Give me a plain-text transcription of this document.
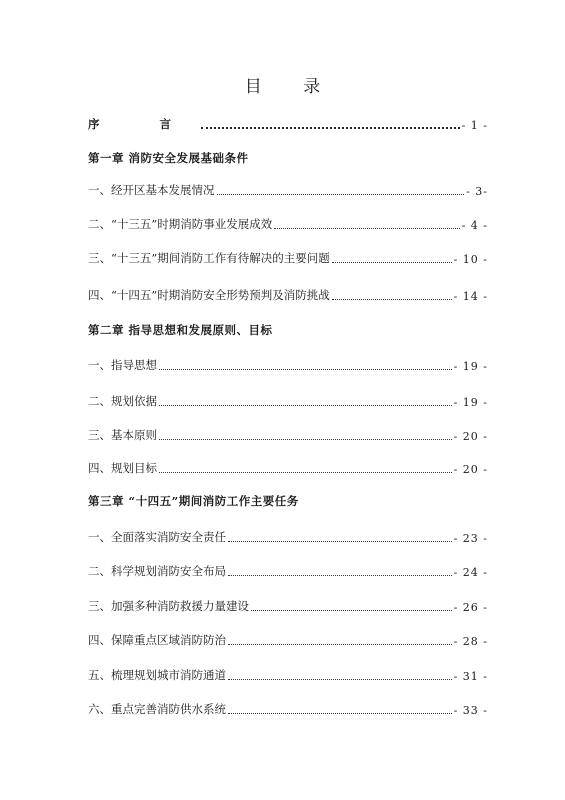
目 录
序 言	- 1 -
第一章 消防安全发展基础条件
一、经开区基本发展情况	- 3-
二、“十三五”时期消防事业发展成效	- 4 -
三、“十三五”期间消防工作有待解决的主要问题	- 10 -
四、“十四五”时期消防安全形势预判及消防挑战	- 14 -
第二章 指导思想和发展原则、目标
一、指导思想	- 19 -
二、规划依据	- 19 -
三、基本原则	- 20 -
四、规划目标	- 20 -
第三章 “十四五”期间消防工作主要任务
一、全面落实消防安全责任	- 23 -
二、科学规划消防安全布局	- 24 -
三、加强多种消防救援力量建设	- 26 -
四、保障重点区域消防防治	- 28 -
五、梳理规划城市消防通道	- 31 -
六、重点完善消防供水系统	- 33 -
